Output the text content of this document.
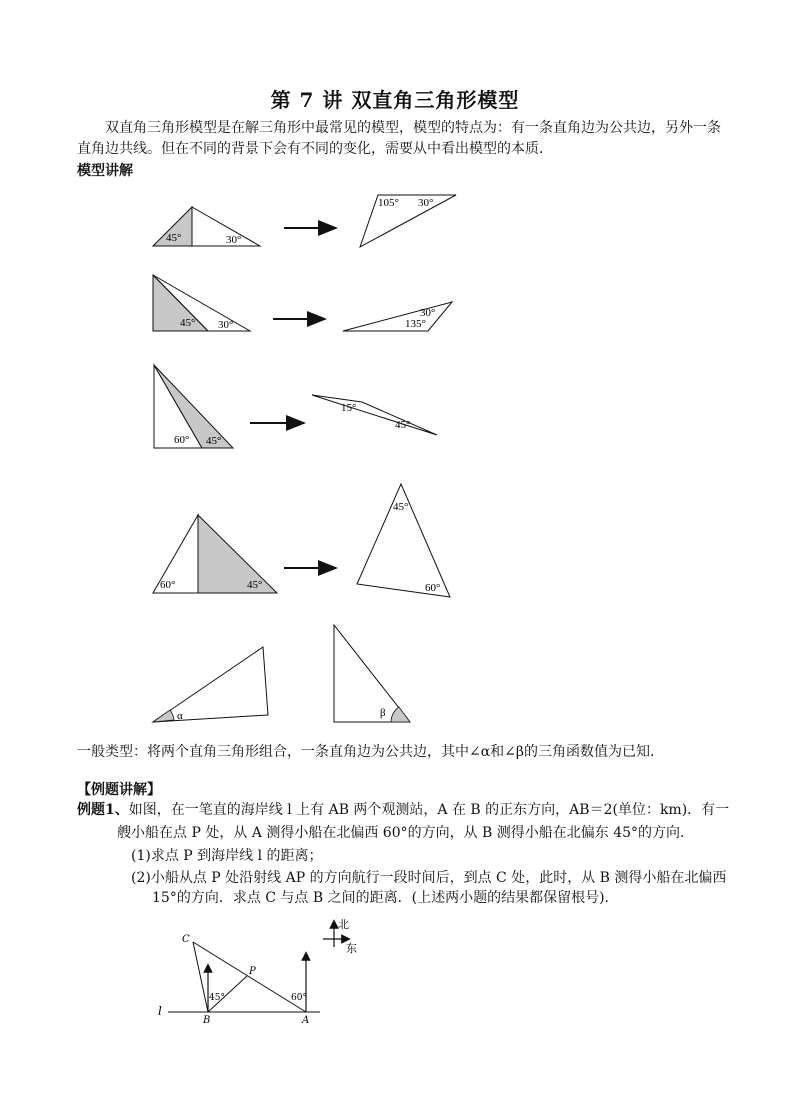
第 7 讲 双直角三角形模型
双直角三角形模型是在解三角形中最常见的模型，模型的特点为：有一条直角边为公共边，另外一条直角边共线。但在不同的背景下会有不同的变化，需要从中看出模型的本质．
模型讲解
45°	30°
105° 30°
45° 30°
30°
135°
60° 45°
15°
45°
60°	45°
45°
60°
α	β
一般类型：将两个直角三角形组合，一条直角边为公共边，其中∠α和∠β的三角函数值为已知．
【例题讲解】
例题1、如图，在一笔直的海岸线 l 上有 AB 两个观测站，A 在 B 的正东方向，AB＝2(单位：km)．有一
艘小船在点 P 处，从 A 测得小船在北偏西 60°的方向，从 B 测得小船在北偏东 45°的方向．
(1)求点 P 到海岸线 l 的距离；
(2)小船从点 P 处沿射线 AP 的方向航行一段时间后，到点 C 处，此时，从 B 测得小船在北偏西
15°的方向．求点 C 与点 B 之间的距离．(上述两小题的结果都保留根号)．
北
东
C
P
B	A
l
45°	60°
